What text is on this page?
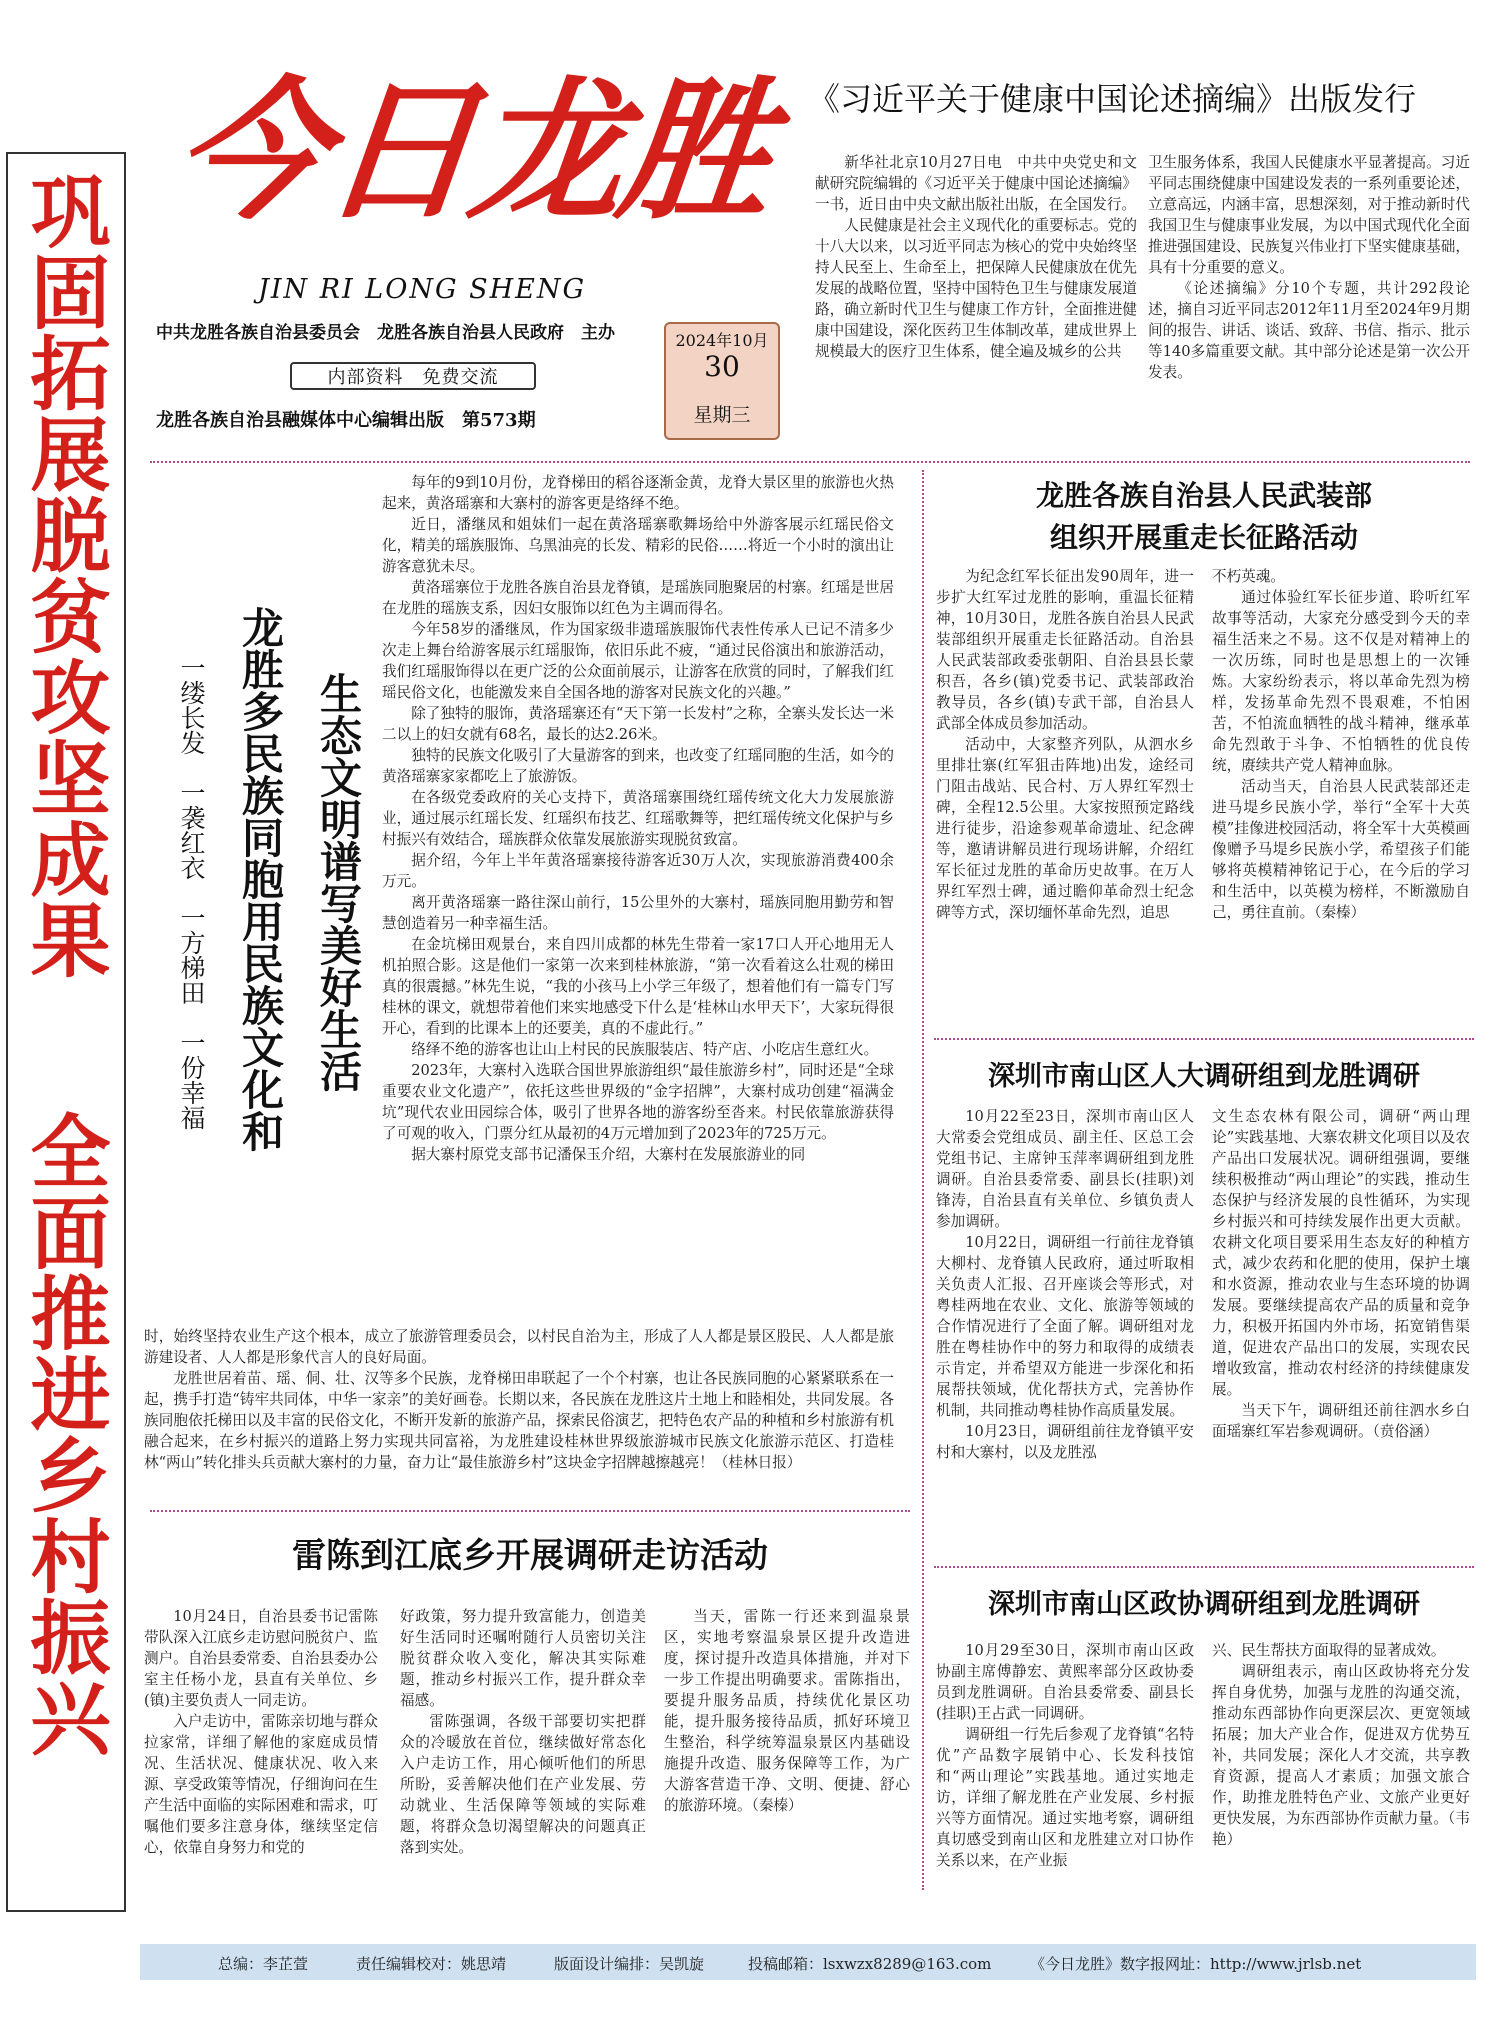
巩固拓展脱贫攻坚成果
全面推进乡村振兴
今日龙胜
JIN RI LONG SHENG
中共龙胜各族自治县委员会　龙胜各族自治县人民政府　主办
内部资料　免费交流
龙胜各族自治县融媒体中心编辑出版　第573期
2024年10月
30
星期三
《习近平关于健康中国论述摘编》出版发行

新华社北京10月27日电　中共中央党史和文献研究院编辑的《习近平关于健康中国论述摘编》一书，近日由中央文献出版社出版，在全国发行。

人民健康是社会主义现代化的重要标志。党的十八大以来，以习近平同志为核心的党中央始终坚持人民至上、生命至上，把保障人民健康放在优先发展的战略位置，坚持中国特色卫生与健康发展道路，确立新时代卫生与健康工作方针，全面推进健康中国建设，深化医药卫生体制改革，建成世界上规模最大的医疗卫生体系，健全遍及城乡的公共

卫生服务体系，我国人民健康水平显著提高。习近平同志围绕健康中国建设发表的一系列重要论述，立意高远，内涵丰富，思想深刻，对于推动新时代我国卫生与健康事业发展，为以中国式现代化全面推进强国建设、民族复兴伟业打下坚实健康基础，具有十分重要的意义。

《论述摘编》分10个专题，共计292段论述，摘自习近平同志2012年11月至2024年9月期间的报告、讲话、谈话、致辞、书信、指示、批示等140多篇重要文献。其中部分论述是第一次公开发表。

生态文明谱写美好生活
龙胜多民族同胞用民族文化和
一缕长发　一袭红衣　一方梯田　一份幸福

每年的9到10月份，龙脊梯田的稻谷逐渐金黄，龙脊大景区里的旅游也火热起来，黄洛瑶寨和大寨村的游客更是络绎不绝。

近日，潘继凤和姐妹们一起在黄洛瑶寨歌舞场给中外游客展示红瑶民俗文化，精美的瑶族服饰、乌黑油亮的长发、精彩的民俗……将近一个小时的演出让游客意犹未尽。

黄洛瑶寨位于龙胜各族自治县龙脊镇，是瑶族同胞聚居的村寨。红瑶是世居在龙胜的瑶族支系，因妇女服饰以红色为主调而得名。

今年58岁的潘继凤，作为国家级非遗瑶族服饰代表性传承人已记不清多少次走上舞台给游客展示红瑶服饰，依旧乐此不疲，“通过民俗演出和旅游活动，我们红瑶服饰得以在更广泛的公众面前展示，让游客在欣赏的同时，了解我们红瑶民俗文化，也能激发来自全国各地的游客对民族文化的兴趣。”

除了独特的服饰，黄洛瑶寨还有“天下第一长发村”之称，全寨头发长达一米二以上的妇女就有68名，最长的达2.26米。

独特的民族文化吸引了大量游客的到来，也改变了红瑶同胞的生活，如今的黄洛瑶寨家家都吃上了旅游饭。

在各级党委政府的关心支持下，黄洛瑶寨围绕红瑶传统文化大力发展旅游业，通过展示红瑶长发、红瑶织布技艺、红瑶歌舞等，把红瑶传统文化保护与乡村振兴有效结合，瑶族群众依靠发展旅游实现脱贫致富。

据介绍，今年上半年黄洛瑶寨接待游客近30万人次，实现旅游消费400余万元。

离开黄洛瑶寨一路往深山前行，15公里外的大寨村，瑶族同胞用勤劳和智慧创造着另一种幸福生活。

在金坑梯田观景台，来自四川成都的林先生带着一家17口人开心地用无人机拍照合影。这是他们一家第一次来到桂林旅游，“第一次看着这么壮观的梯田真的很震撼。”林先生说，“我的小孩马上小学三年级了，想着他们有一篇专门写桂林的课文，就想带着他们来实地感受下什么是‘桂林山水甲天下’，大家玩得很开心，看到的比课本上的还要美，真的不虚此行。”

络绎不绝的游客也让山上村民的民族服装店、特产店、小吃店生意红火。

2023年，大寨村入选联合国世界旅游组织“最佳旅游乡村”，同时还是“全球重要农业文化遗产”，依托这些世界级的“金字招牌”，大寨村成功创建“福满金坑”现代农业田园综合体，吸引了世界各地的游客纷至沓来。村民依靠旅游获得了可观的收入，门票分红从最初的4万元增加到了2023年的725万元。

据大寨村原党支部书记潘保玉介绍，大寨村在发展旅游业的同

时，始终坚持农业生产这个根本，成立了旅游管理委员会，以村民自治为主，形成了人人都是景区股民、人人都是旅游建设者、人人都是形象代言人的良好局面。

龙胜世居着苗、瑶、侗、壮、汉等多个民族，龙脊梯田串联起了一个个村寨，也让各民族同胞的心紧紧联系在一起，携手打造“铸牢共同体，中华一家亲”的美好画卷。长期以来，各民族在龙胜这片土地上和睦相处，共同发展。各族同胞依托梯田以及丰富的民俗文化，不断开发新的旅游产品，探索民俗演艺，把特色农产品的种植和乡村旅游有机融合起来，在乡村振兴的道路上努力实现共同富裕，为龙胜建设桂林世界级旅游城市民族文化旅游示范区、打造桂林“两山”转化排头兵贡献大寨村的力量，奋力让“最佳旅游乡村”这块金字招牌越擦越亮！（桂林日报）

雷陈到江底乡开展调研走访活动

10月24日，自治县委书记雷陈带队深入江底乡走访慰问脱贫户、监测户。自治县委常委、自治县委办公室主任杨小龙，县直有关单位、乡(镇)主要负责人一同走访。

入户走访中，雷陈亲切地与群众拉家常，详细了解他的家庭成员情况、生活状况、健康状况、收入来源、享受政策等情况，仔细询问在生产生活中面临的实际困难和需求，叮嘱他们要多注意身体，继续坚定信心，依靠自身努力和党的

好政策，努力提升致富能力，创造美好生活同时还嘱咐随行人员密切关注脱贫群众收入变化，解决其实际难题，推动乡村振兴工作，提升群众幸福感。

雷陈强调，各级干部要切实把群众的冷暖放在首位，继续做好常态化入户走访工作，用心倾听他们的所思所盼，妥善解决他们在产业发展、劳动就业、生活保障等领域的实际难题，将群众急切渴望解决的问题真正落到实处。

当天，雷陈一行还来到温泉景区，实地考察温泉景区提升改造进度，探讨提升改造具体措施，并对下一步工作提出明确要求。雷陈指出，要提升服务品质，持续优化景区功能，提升服务接待品质，抓好环境卫生整治，科学统筹温泉景区内基础设施提升改造、服务保障等工作，为广大游客营造干净、文明、便捷、舒心的旅游环境。（秦榛）

龙胜各族自治县人民武装部
组织开展重走长征路活动

为纪念红军长征出发90周年，进一步扩大红军过龙胜的影响，重温长征精神，10月30日，龙胜各族自治县人民武装部组织开展重走长征路活动。自治县人民武装部政委张朝阳、自治县县长蒙积吾，各乡(镇)党委书记、武装部政治教导员，各乡(镇)专武干部，自治县人武部全体成员参加活动。

活动中，大家整齐列队，从泗水乡里排壮寨(红军狙击阵地)出发，途经司门阻击战站、民合村、万人界红军烈士碑，全程12.5公里。大家按照预定路线进行徒步，沿途参观革命遗址、纪念碑等，邀请讲解员进行现场讲解，介绍红军长征过龙胜的革命历史故事。在万人界红军烈士碑，通过瞻仰革命烈士纪念碑等方式，深切缅怀革命先烈，追思

不朽英魂。

通过体验红军长征步道、聆听红军故事等活动，大家充分感受到今天的幸福生活来之不易。这不仅是对精神上的一次历练，同时也是思想上的一次锤炼。大家纷纷表示，将以革命先烈为榜样，发扬革命先烈不畏艰难，不怕困苦，不怕流血牺牲的战斗精神，继承革命先烈敢于斗争、不怕牺牲的优良传统，赓续共产党人精神血脉。

活动当天，自治县人民武装部还走进马堤乡民族小学，举行“全军十大英模”挂像进校园活动，将全军十大英模画像赠予马堤乡民族小学，希望孩子们能够将英模精神铭记于心，在今后的学习和生活中，以英模为榜样，不断激励自己，勇往直前。（秦榛）

深圳市南山区人大调研组到龙胜调研

10月22至23日，深圳市南山区人大常委会党组成员、副主任、区总工会党组书记、主席钟玉萍率调研组到龙胜调研。自治县委常委、副县长(挂职)刘锋涛，自治县直有关单位、乡镇负责人参加调研。

10月22日，调研组一行前往龙脊镇大柳村、龙脊镇人民政府，通过听取相关负责人汇报、召开座谈会等形式，对粤桂两地在农业、文化、旅游等领域的合作情况进行了全面了解。调研组对龙胜在粤桂协作中的努力和取得的成绩表示肯定，并希望双方能进一步深化和拓展帮扶领域，优化帮扶方式，完善协作机制，共同推动粤桂协作高质量发展。

10月23日，调研组前往龙脊镇平安村和大寨村，以及龙胜泓

文生态农林有限公司，调研“两山理论”实践基地、大寨农耕文化项目以及农产品出口发展状况。调研组强调，要继续积极推动“两山理论”的实践，推动生态保护与经济发展的良性循环，为实现乡村振兴和可持续发展作出更大贡献。农耕文化项目要采用生态友好的种植方式，减少农药和化肥的使用，保护土壤和水资源，推动农业与生态环境的协调发展。要继续提高农产品的质量和竞争力，积极开拓国内外市场，拓宽销售渠道，促进农产品出口的发展，实现农民增收致富，推动农村经济的持续健康发展。

当天下午，调研组还前往泗水乡白面瑶寨红军岩参观调研。（贲俗涵）

深圳市南山区政协调研组到龙胜调研

10月29至30日，深圳市南山区政协副主席傅静宏、黄熙率部分区政协委员到龙胜调研。自治县委常委、副县长(挂职)王占武一同调研。

调研组一行先后参观了龙脊镇“名特优”产品数字展销中心、长发科技馆和“两山理论”实践基地。通过实地走访，详细了解龙胜在产业发展、乡村振兴等方面情况。通过实地考察，调研组真切感受到南山区和龙胜建立对口协作关系以来，在产业振

兴、民生帮扶方面取得的显著成效。

调研组表示，南山区政协将充分发挥自身优势，加强与龙胜的沟通交流，推动东西部协作向更深层次、更宽领域拓展；加大产业合作，促进双方优势互补，共同发展；深化人才交流，共享教育资源，提高人才素质；加强文旅合作，助推龙胜特色产业、文旅产业更好更快发展，为东西部协作贡献力量。（韦艳）

总编：李芷萱	责任编辑校对：姚思靖	版面设计编排：吴凯旋	投稿邮箱：lsxwzx8289@163.com	《今日龙胜》数字报网址：http://www.jrlsb.net
